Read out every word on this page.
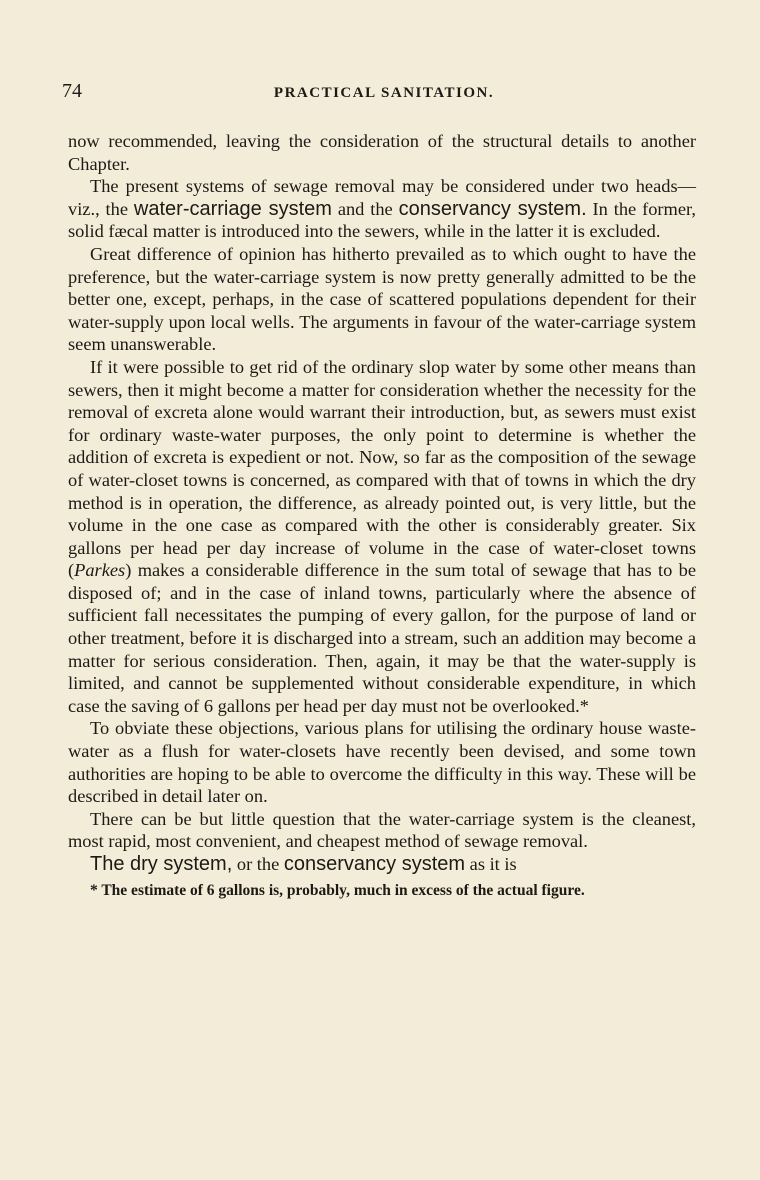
74	PRACTICAL SANITATION.

now recommended, leaving the consideration of the structural details to another Chapter.

The present systems of sewage removal may be considered under two heads—viz., the water-carriage system and the conservancy system. In the former, solid fæcal matter is introduced into the sewers, while in the latter it is excluded.

Great difference of opinion has hitherto prevailed as to which ought to have the preference, but the water-carriage system is now pretty generally admitted to be the better one, except, perhaps, in the case of scattered populations dependent for their water-supply upon local wells. The arguments in favour of the water-carriage system seem unanswerable.

If it were possible to get rid of the ordinary slop water by some other means than sewers, then it might become a matter for consideration whether the necessity for the removal of excreta alone would warrant their introduction, but, as sewers must exist for ordinary waste-water purposes, the only point to determine is whether the addition of excreta is expedient or not. Now, so far as the composition of the sewage of water-closet towns is concerned, as compared with that of towns in which the dry method is in operation, the difference, as already pointed out, is very little, but the volume in the one case as compared with the other is considerably greater. Six gallons per head per day increase of volume in the case of water-closet towns (Parkes) makes a considerable difference in the sum total of sewage that has to be disposed of; and in the case of inland towns, particularly where the absence of sufficient fall necessitates the pumping of every gallon, for the purpose of land or other treatment, before it is discharged into a stream, such an addition may become a matter for serious consideration. Then, again, it may be that the water-supply is limited, and cannot be supplemented without considerable expenditure, in which case the saving of 6 gallons per head per day must not be overlooked.*

To obviate these objections, various plans for utilising the ordinary house waste-water as a flush for water-closets have recently been devised, and some town authorities are hoping to be able to overcome the difficulty in this way. These will be described in detail later on.

There can be but little question that the water-carriage system is the cleanest, most rapid, most convenient, and cheapest method of sewage removal.

The dry system, or the conservancy system as it is

* The estimate of 6 gallons is, probably, much in excess of the actual figure.
